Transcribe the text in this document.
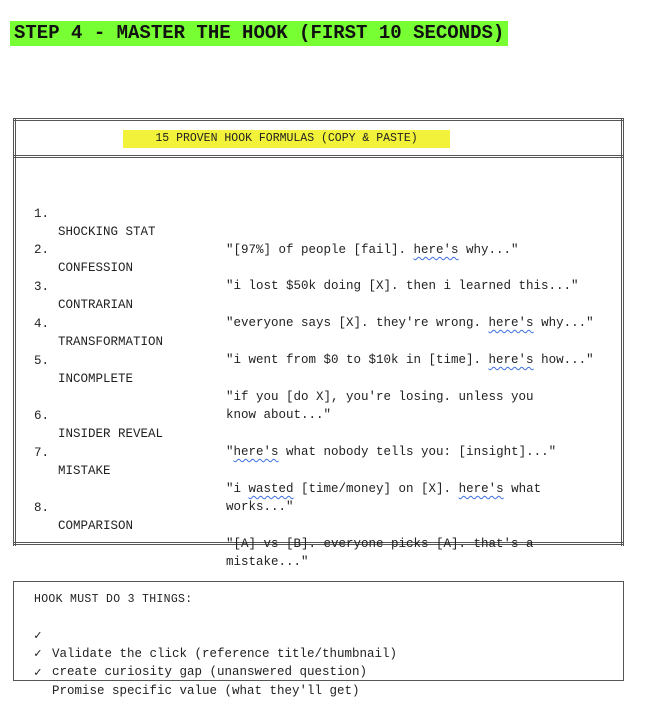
STEP 4 - MASTER THE HOOK (FIRST 10 SECONDS)
15 PROVEN HOOK FORMULAS (COPY & PASTE)

1.

SHOCKING STAT

"[97%] of people [fail]. here's why..."

2.

CONFESSION

"i lost $50k doing [X]. then i learned this..."

3.

CONTRARIAN

"everyone says [X]. they're wrong. here's why..."

4.

TRANSFORMATION

"i went from $0 to $10k in [time]. here's how..."

5.

INCOMPLETE

"if you [do X], you're losing. unless you
know about..."

6.

INSIDER REVEAL

"here's what nobody tells you: [insight]..."

7.

MISTAKE

"i wasted [time/money] on [X]. here's what
works..."

8.

COMPARISON

"[A] vs [B]. everyone picks [A]. that's a
mistake..."

HOOK MUST DO 3 THINGS:

✓

Validate the click (reference title/thumbnail)

✓

create curiosity gap (unanswered question)

✓

Promise specific value (what they'll get)
